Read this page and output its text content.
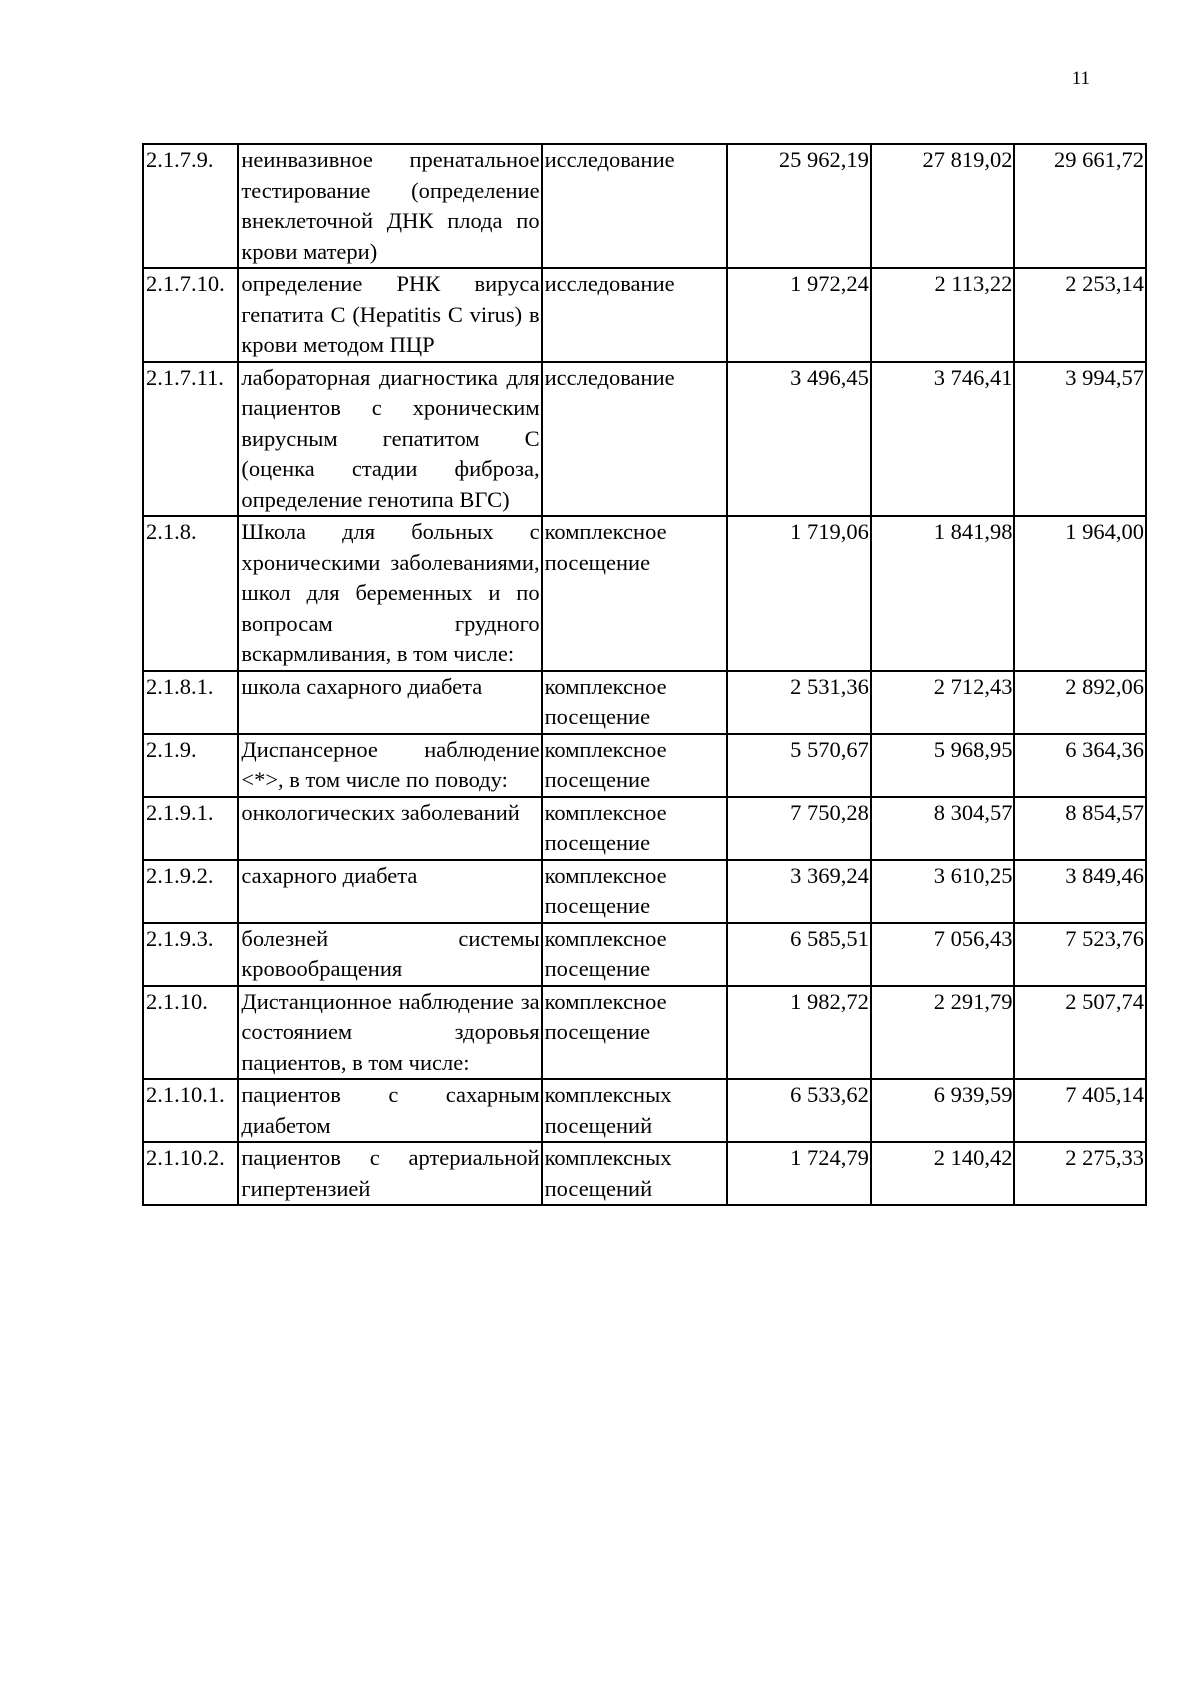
11
2.1.7.9.	неинвазивное пренатальное тестирование (определение внеклеточной ДНК плода по крови матери)	исследование	25 962,19	27 819,02	29 661,72
2.1.7.10.	определение РНК вируса гепатита С (Hepatitis C virus) в крови методом ПЦР	исследование	1 972,24	2 113,22	2 253,14
2.1.7.11.	лабораторная диагностика для пациентов с хроническим вирусным гепатитом С (оценка стадии фиброза, определение генотипа ВГС)	исследование	3 496,45	3 746,41	3 994,57
2.1.8.	Школа для больных с хроническими заболеваниями, школ для беременных и по вопросам грудного вскармливания, в том числе:	комплексное посещение	1 719,06	1 841,98	1 964,00
2.1.8.1.	школа сахарного диабета	комплексное посещение	2 531,36	2 712,43	2 892,06
2.1.9.	Диспансерное наблюдение <*>, в том числе по поводу:	комплексное посещение	5 570,67	5 968,95	6 364,36
2.1.9.1.	онкологических заболеваний	комплексное посещение	7 750,28	8 304,57	8 854,57
2.1.9.2.	сахарного диабета	комплексное посещение	3 369,24	3 610,25	3 849,46
2.1.9.3.	болезней системы кровообращения	комплексное посещение	6 585,51	7 056,43	7 523,76
2.1.10.	Дистанционное наблюдение за состоянием здоровья пациентов, в том числе:	комплексное посещение	1 982,72	2 291,79	2 507,74
2.1.10.1.	пациентов с сахарным диабетом	комплексных посещений	6 533,62	6 939,59	7 405,14
2.1.10.2.	пациентов с артериальной гипертензией	комплексных посещений	1 724,79	2 140,42	2 275,33
